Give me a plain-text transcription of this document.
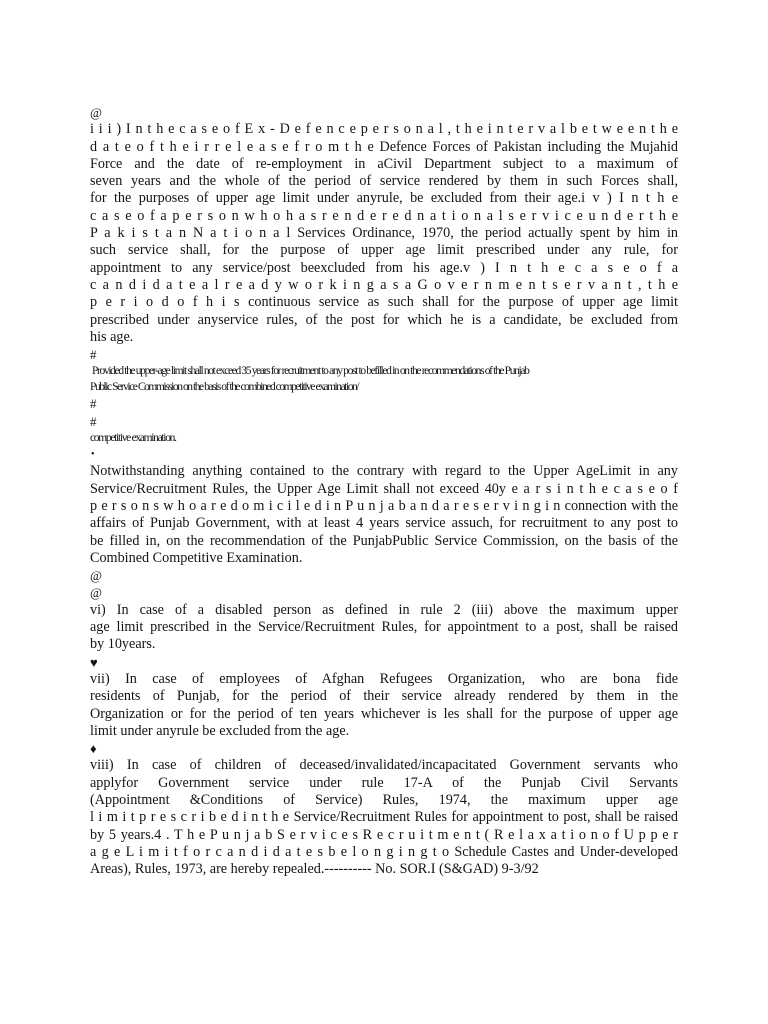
@
i i i ) I n t h e c a s e o f E x - D e f e n c e p e r s o n a l , t h e i n t e r v a l b e t w e e n t h e
d a t e o f t h e i r r e l e a s e f r o m t h e Defence Forces of Pakistan including the Mujahid
Force and the date of re-employment in aCivil Department subject to a maximum of
seven years and the whole of the period of service rendered by them in such Forces shall,
for the purposes of upper age limit under anyrule, be excluded from their age.i v ) I n t h e
c a s e o f a p e r s o n w h o h a s r e n d e r e d n a t i o n a l s e r v i c e u n d e r t h e
P a k i s t a n N a t i o n a l Services Ordinance, 1970, the period actually spent by him in
such service shall, for the purpose of upper age limit prescribed under any rule, for
appointment to any service/post beexcluded from his age.v ) I n t h e c a s e o f a
c a n d i d a t e a l r e a d y w o r k i n g a s a G o v e r n m e n t s e r v a n t , t h e
p e r i o d o f h i s continuous service as such shall for the purpose of upper age limit
prescribed under anyservice rules, of the post for which he is a candidate, be excluded from
his age.
#
Provided the upper-age limit shall not exceed 35 years for recruitment to any post to befilled in on the recommendations of the Punjab
Public Service Commission on the basis of the combined competitive examination/
#
#
competitive examination.
•
Notwithstanding anything contained to the contrary with regard to the Upper AgeLimit in any
Service/Recruitment Rules, the Upper Age Limit shall not exceed 40y e a r s i n t h e c a s e o f
p e r s o n s w h o a r e d o m i c i l e d i n P u n j a b a n d a r e s e r v i n g i n connection with the
affairs of Punjab Government, with at least 4 years service assuch, for recruitment to any post to
be filled in, on the recommendation of the PunjabPublic Service Commission, on the basis of the
Combined Competitive Examination.
@
@
vi) In case of a disabled person as defined in rule 2 (iii) above the maximum upper
age limit prescribed in the Service/Recruitment Rules, for appointment to a post, shall be raised
by 10years.
♥
vii) In case of employees of Afghan Refugees Organization, who are bona fide
residents of Punjab, for the period of their service already rendered by them in the
Organization or for the period of ten years whichever is les shall for the purpose of upper age
limit under anyrule be excluded from the age.
♦
viii) In case of children of deceased/invalidated/incapacitated Government servants who
applyfor Government service under rule 17-A of the Punjab Civil Servants
(Appointment &Conditions of Service) Rules, 1974, the maximum upper age
l i m i t p r e s c r i b e d i n t h e Service/Recruitment Rules for appointment to post, shall be raised
by 5 years.4 . T h e P u n j a b S e r v i c e s R e c r u i t m e n t ( R e l a x a t i o n o f U p p e r
a g e L i m i t f o r c a n d i d a t e s b e l o n g i n g t o Schedule Castes and Under-developed
Areas), Rules, 1973, are hereby repealed.---------- No. SOR.I (S&GAD) 9-3/92
